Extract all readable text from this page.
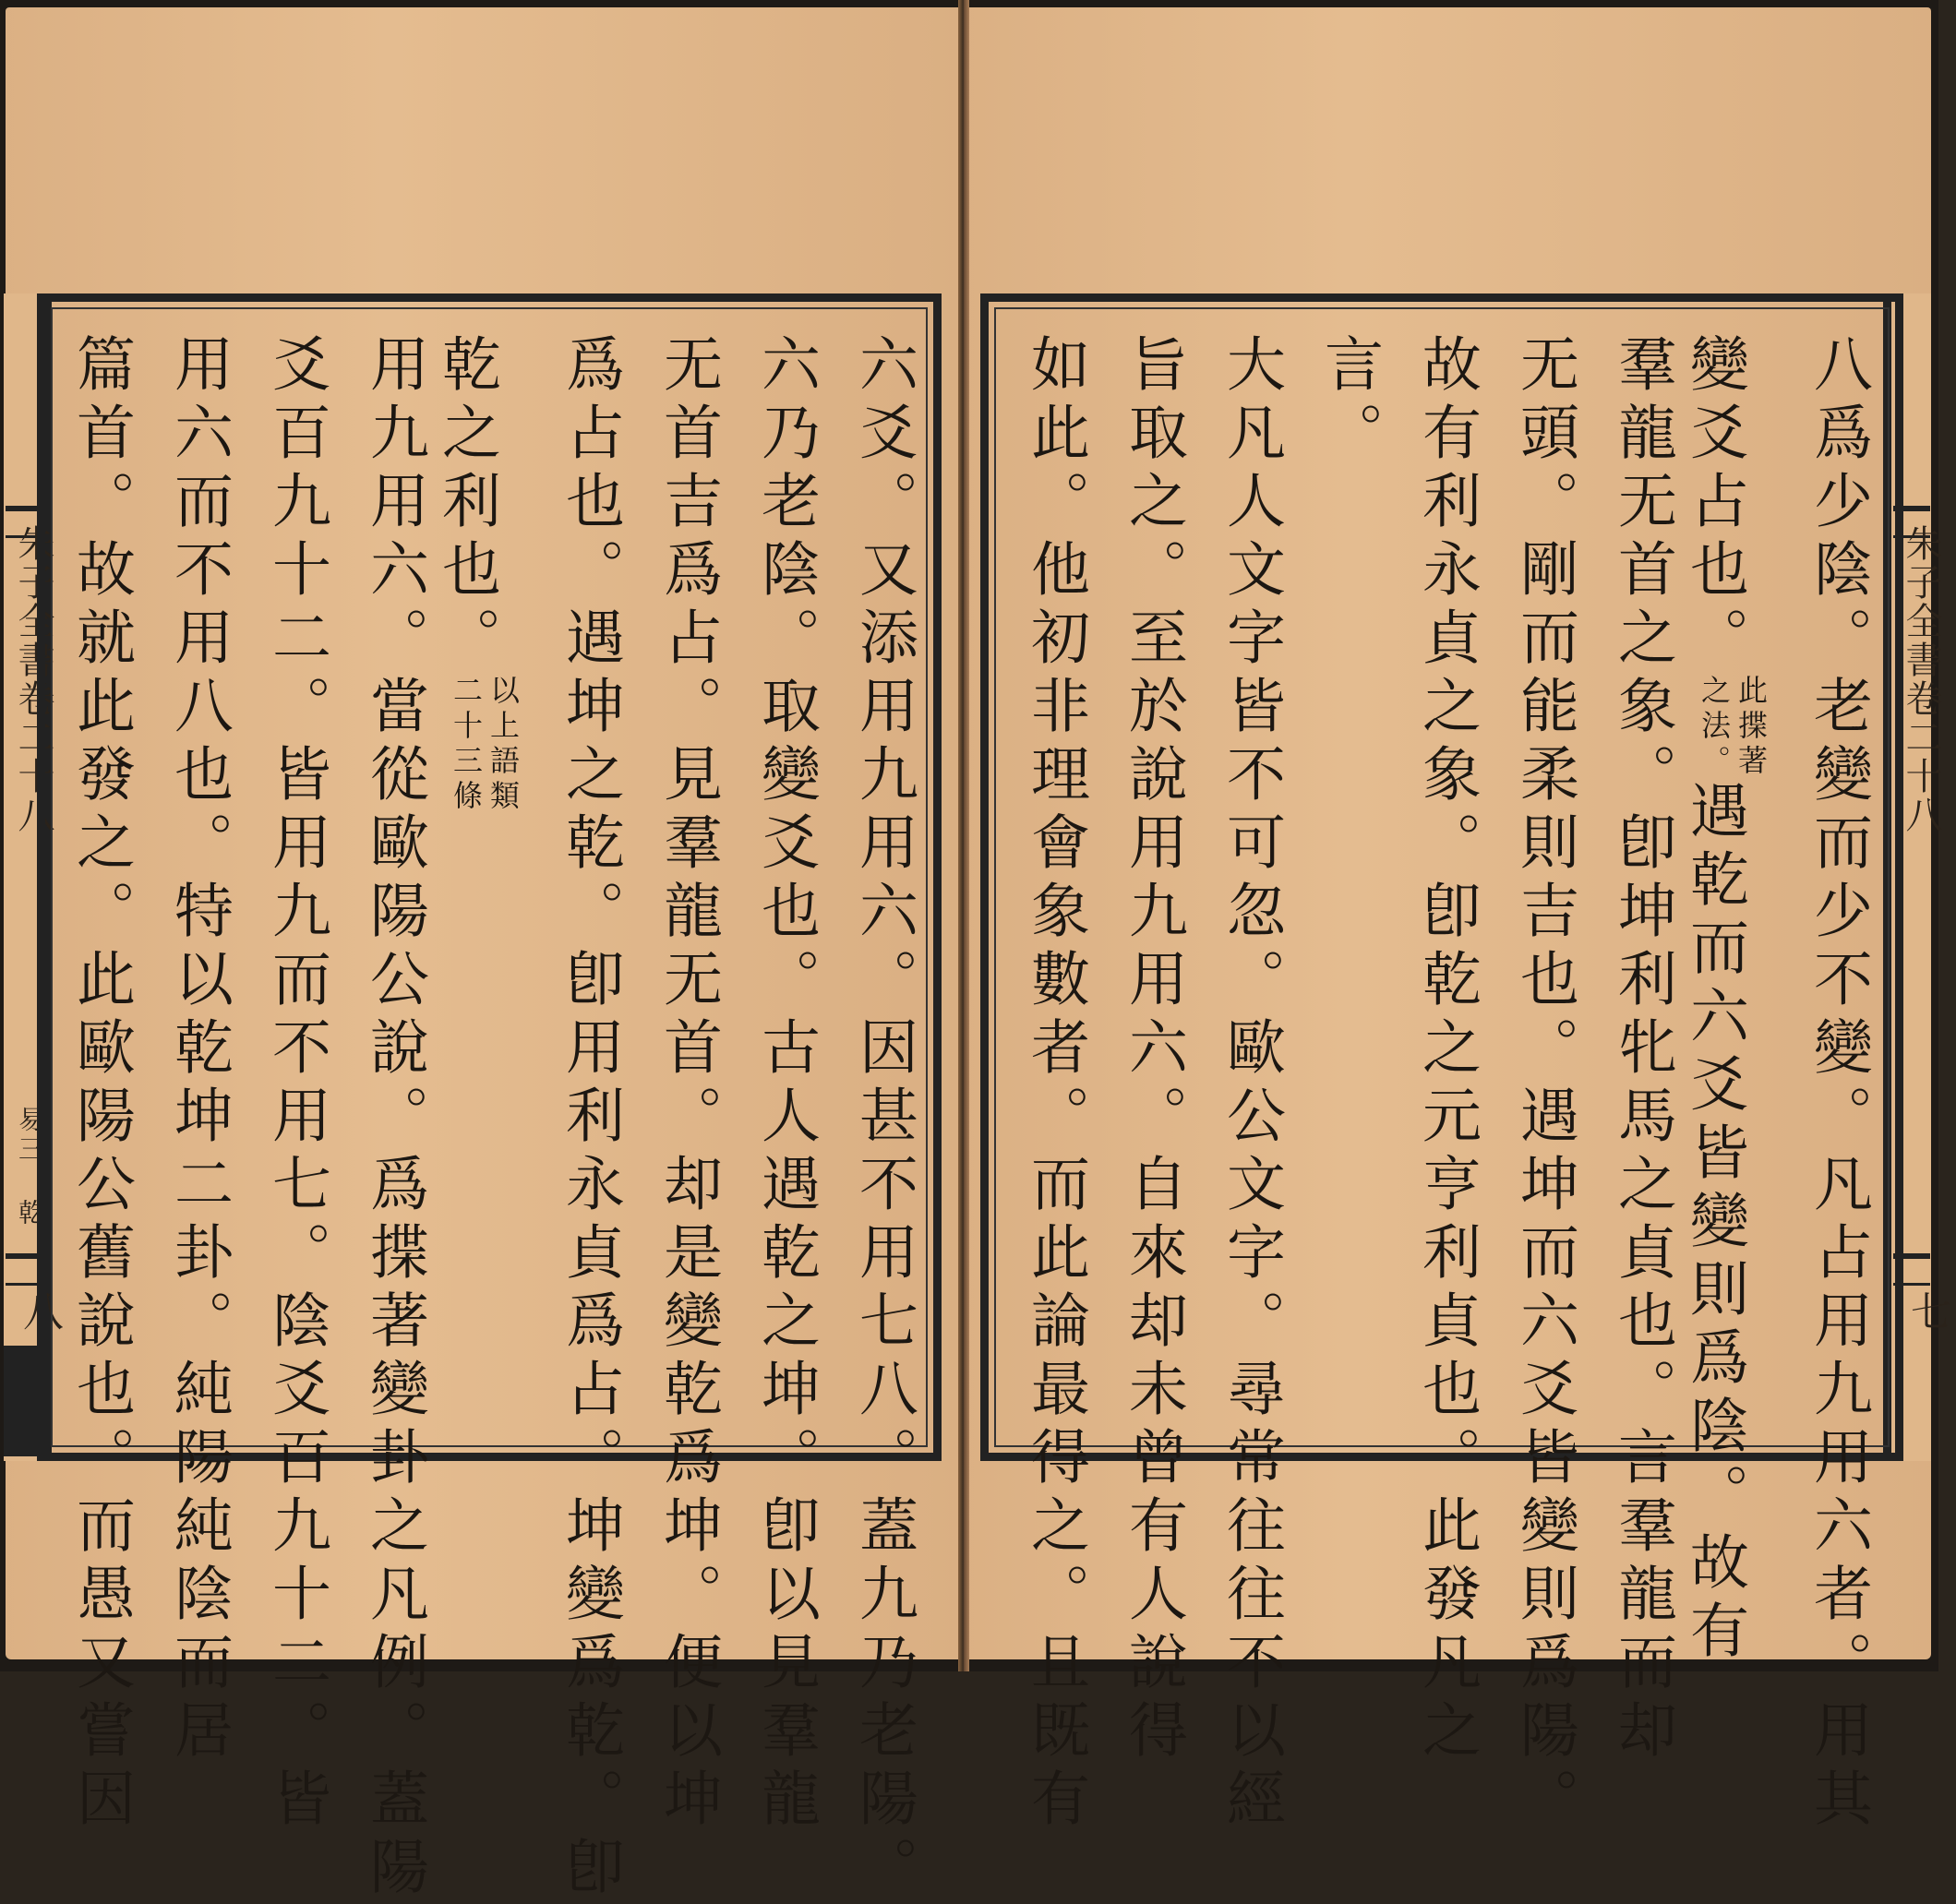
朱子全書卷二十八
易三 乾
八
朱子全書卷二十八
七
六爻。又添用九用六。因甚不用七八。蓋九乃老陽。
六乃老陰。取變爻也。古人遇乾之坤。卽以見羣龍
无首吉爲占。見羣龍无首。却是變乾爲坤。便以坤
爲占也。遇坤之乾。卽用利永貞爲占。坤變爲乾。卽
乾之利也。以上語類
二十三條
用九用六。當從歐陽公說。爲揲著變卦之凡例。蓋陽
爻百九十二。皆用九而不用七。陰爻百九十二。皆
用六而不用八也。特以乾坤二卦。純陽純陰而居
篇首。故就此發之。此歐陽公舊說也。而愚又嘗因	八爲少陰。老變而少不變。凡占用九用六者。用其
變爻占也。此揲著
之法。遇乾而六爻皆變則爲陰。故有
羣龍无首之象。卽坤利牝馬之貞也。言羣龍而却
无頭。剛而能柔則吉也。遇坤而六爻皆變則爲陽。
故有利永貞之象。卽乾之元亨利貞也。此發凡之
言。
大凡人文字皆不可忽。歐公文字。尋常往往不以經
旨取之。至於說用九用六。自來却未曾有人說得
如此。他初非理會象數者。而此論最得之。且既有
